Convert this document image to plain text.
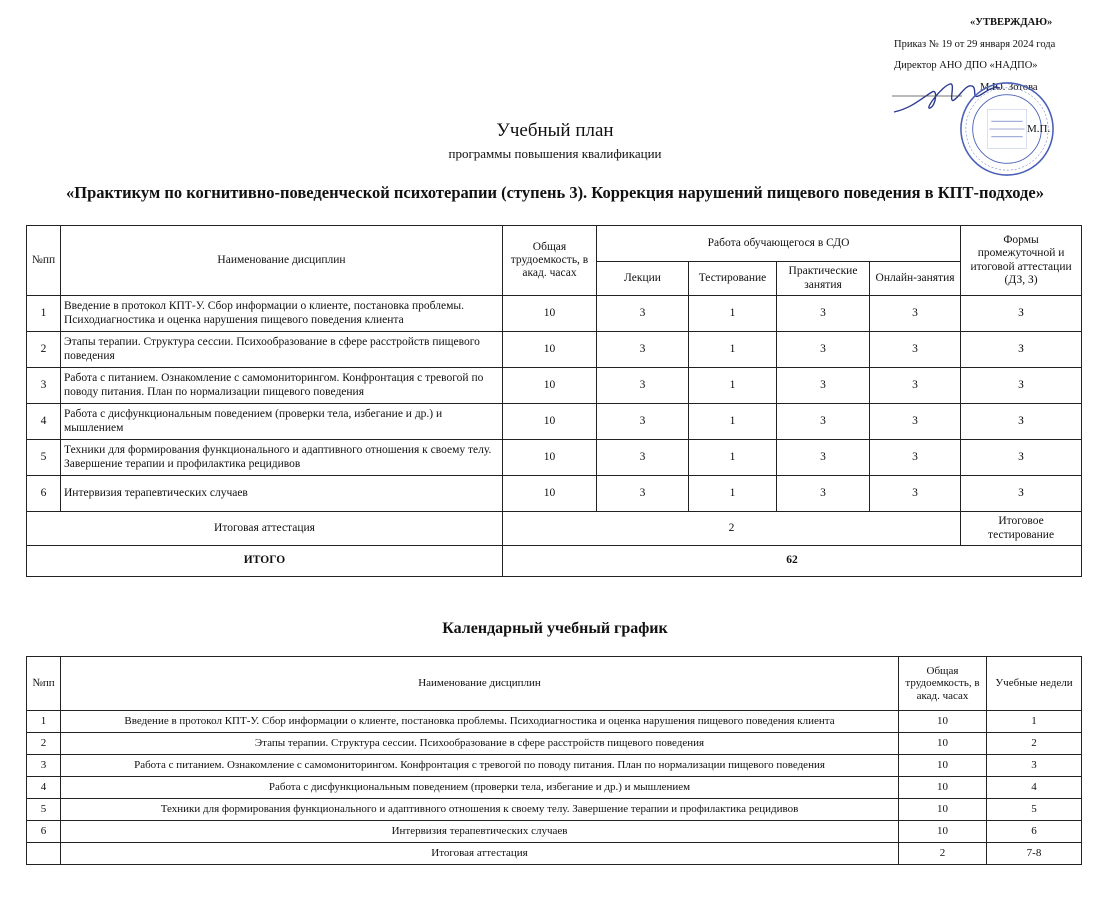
«УТВЕРЖДАЮ»
Приказ № 19 от 29 января 2024 года
Директор АНО ДПО «НАДПО»
М.Ю. Зотова
М.П.
Учебный план
программы повышения квалификации
«Практикум по когнитивно-поведенческой психотерапии (ступень 3). Коррекция нарушений пищевого поведения в КПТ-подходе»
№пп	Наименование дисциплин	Общая трудоемкость, в акад. часах	Работа обучающегося в СДО				Формы промежуточной и итоговой аттестации (ДЗ, З)
			Лекции	Тестирование	Практические занятия	Онлайн-занятия	
1	Введение в протокол КПТ-У. Сбор информации о клиенте, постановка проблемы. Психодиагностика и оценка нарушения пищевого поведения клиента	10	3	1	3	3	З
2	Этапы терапии. Структура сессии. Психообразование в сфере расстройств пищевого поведения	10	3	1	3	3	З
3	Работа с питанием. Ознакомление с самомониторингом. Конфронтация с тревогой по поводу питания. План по нормализации пищевого поведения	10	3	1	3	3	З
4	Работа с дисфункциональным поведением (проверки тела, избегание и др.) и мышлением	10	3	1	3	3	З
5	Техники для формирования функционального и адаптивного отношения к своему телу. Завершение терапии и профилактика рецидивов	10	3	1	3	3	З
6	Интервизия терапевтических случаев	10	3	1	3	3	З
Итоговая аттестация		2					Итоговое тестирование
ИТОГО		62					
Календарный учебный график
№пп	Наименование дисциплин	Общая трудоемкость, в акад. часах	Учебные недели
1	Введение в протокол КПТ-У. Сбор информации о клиенте, постановка проблемы. Психодиагностика и оценка нарушения пищевого поведения клиента	10	1
2	Этапы терапии. Структура сессии. Психообразование в сфере расстройств пищевого поведения	10	2
3	Работа с питанием. Ознакомление с самомониторингом. Конфронтация с тревогой по поводу питания. План по нормализации пищевого поведения	10	3
4	Работа с дисфункциональным поведением (проверки тела, избегание и др.) и мышлением	10	4
5	Техники для формирования функционального и адаптивного отношения к своему телу. Завершение терапии и профилактика рецидивов	10	5
6	Интервизия терапевтических случаев	10	6
	Итоговая аттестация	2	7-8
